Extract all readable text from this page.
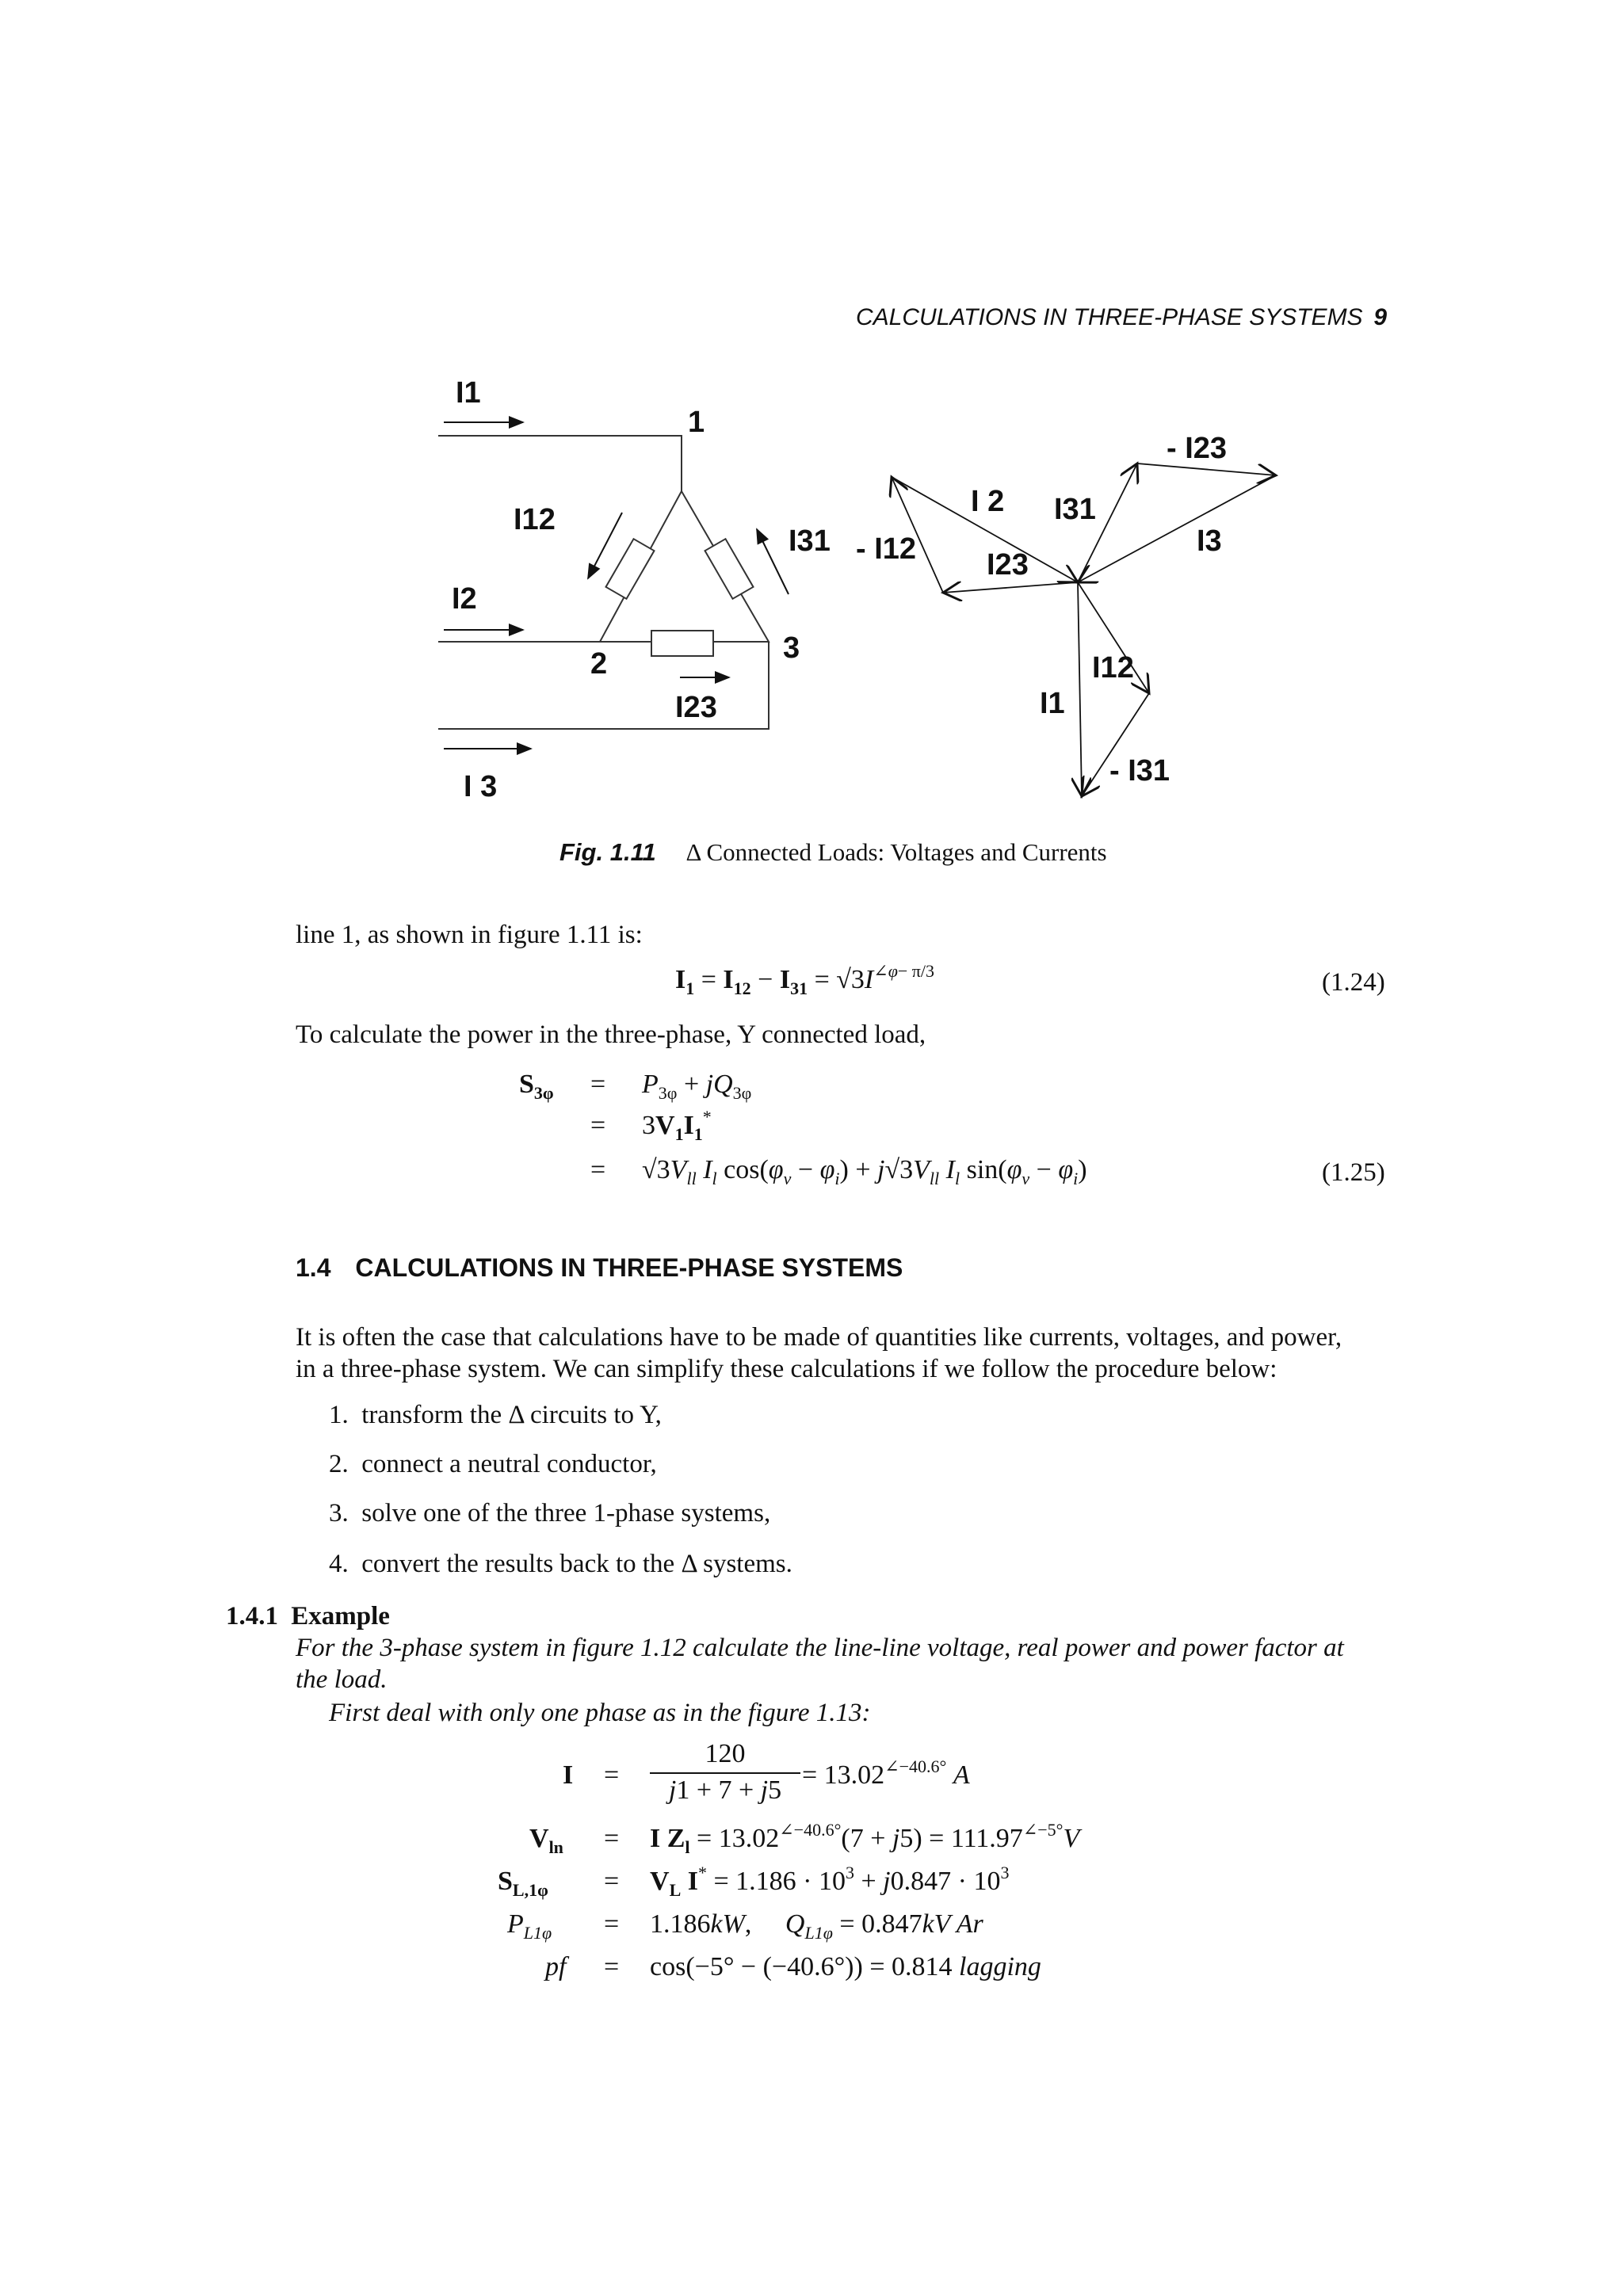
CALCULATIONS IN THREE-PHASE SYSTEMS 9
I1
1
I12
I31
I2
2	3
I23
I 3
- I12
I 2
I23
I31
- I23
I3
I12
I1
- I31
Fig. 1.11 Δ Connected Loads: Voltages and Currents
line 1, as shown in figure 1.11 is:
$I_1 = I_{12} - I_{31} = √3I^{\angle\varphi- \pi/3}$	(1.24)
To calculate the power in the three-phase, Y connected load,
$S_{3\varphi} = P_{3\varphi} + jQ_{3\varphi}$
= $3V_1I_1^*$
= $√3V_{ll}$ $I_l$ $\cos(\varphi_v - \varphi_i) + j√3V_{ll}$ $I_l$ $\sin(\varphi_v - \varphi_i)$	(1.25)
1.4 CALCULATIONS IN THREE-PHASE SYSTEMS
It is often the case that calculations have to be made of quantities like currents, voltages, and power,
in a three-phase system. We can simplify these calculations if we follow the procedure below:
1.  transform the Δ circuits to Y,
2.  connect a neutral conductor,
3.  solve one of the three 1-phase systems,
4.  convert the results back to the Δ systems.
1.4.1 Example
For the 3-phase system in figure 1.12 calculate the line-line voltage, real power and power factor at
the load.
First deal with only one phase as in the figure 1.13:
I =
120
j1 + 7 + j5
= $13.02^{\angle-40.6^\circ}$ A
$V_{ln} = I$ $Z_l = 13.02^{\angle-40.6^\circ}(7 + j5) = 111.97^{\angle-5^\circ}V$
$S_{L,1\varphi} = V_L$ $I^* = 1.186 \cdot 10^3 + j0.847 \cdot 10^3$
$P_{L1\varphi} = 1.186kW$,     $Q_{L1\varphi} = 0.847kV$ Ar
pf = cos(−5° − (−40.6°)) = 0.814 lagging
